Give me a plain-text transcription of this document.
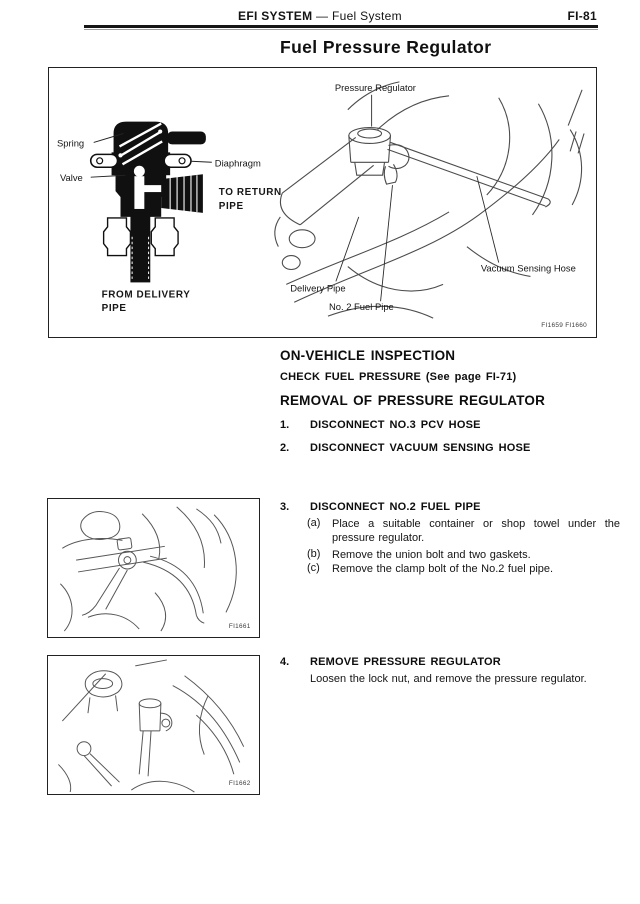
EFI SYSTEM — Fuel System	FI-81
Fuel Pressure Regulator
Spring
Diaphragm
Valve
TO RETURN
PIPE
FROM DELIVERY
PIPE
Pressure Regulator
Vacuum Sensing Hose
Delivery Pipe
No. 2 Fuel Pipe
FI1659 FI1660
ON-VEHICLE INSPECTION
CHECK FUEL PRESSURE (See page FI-71)
REMOVAL OF PRESSURE REGULATOR
1. DISCONNECT NO.3 PCV HOSE
2. DISCONNECT VACUUM SENSING HOSE
3. DISCONNECT NO.2 FUEL PIPE
(a) Place a suitable container or shop towel under the pressure regulator.
(b) Remove the union bolt and two gaskets.
(c) Remove the clamp bolt of the No.2 fuel pipe.
4. REMOVE PRESSURE REGULATOR
Loosen the lock nut, and remove the pressure regulator.
FI1661
FI1662
